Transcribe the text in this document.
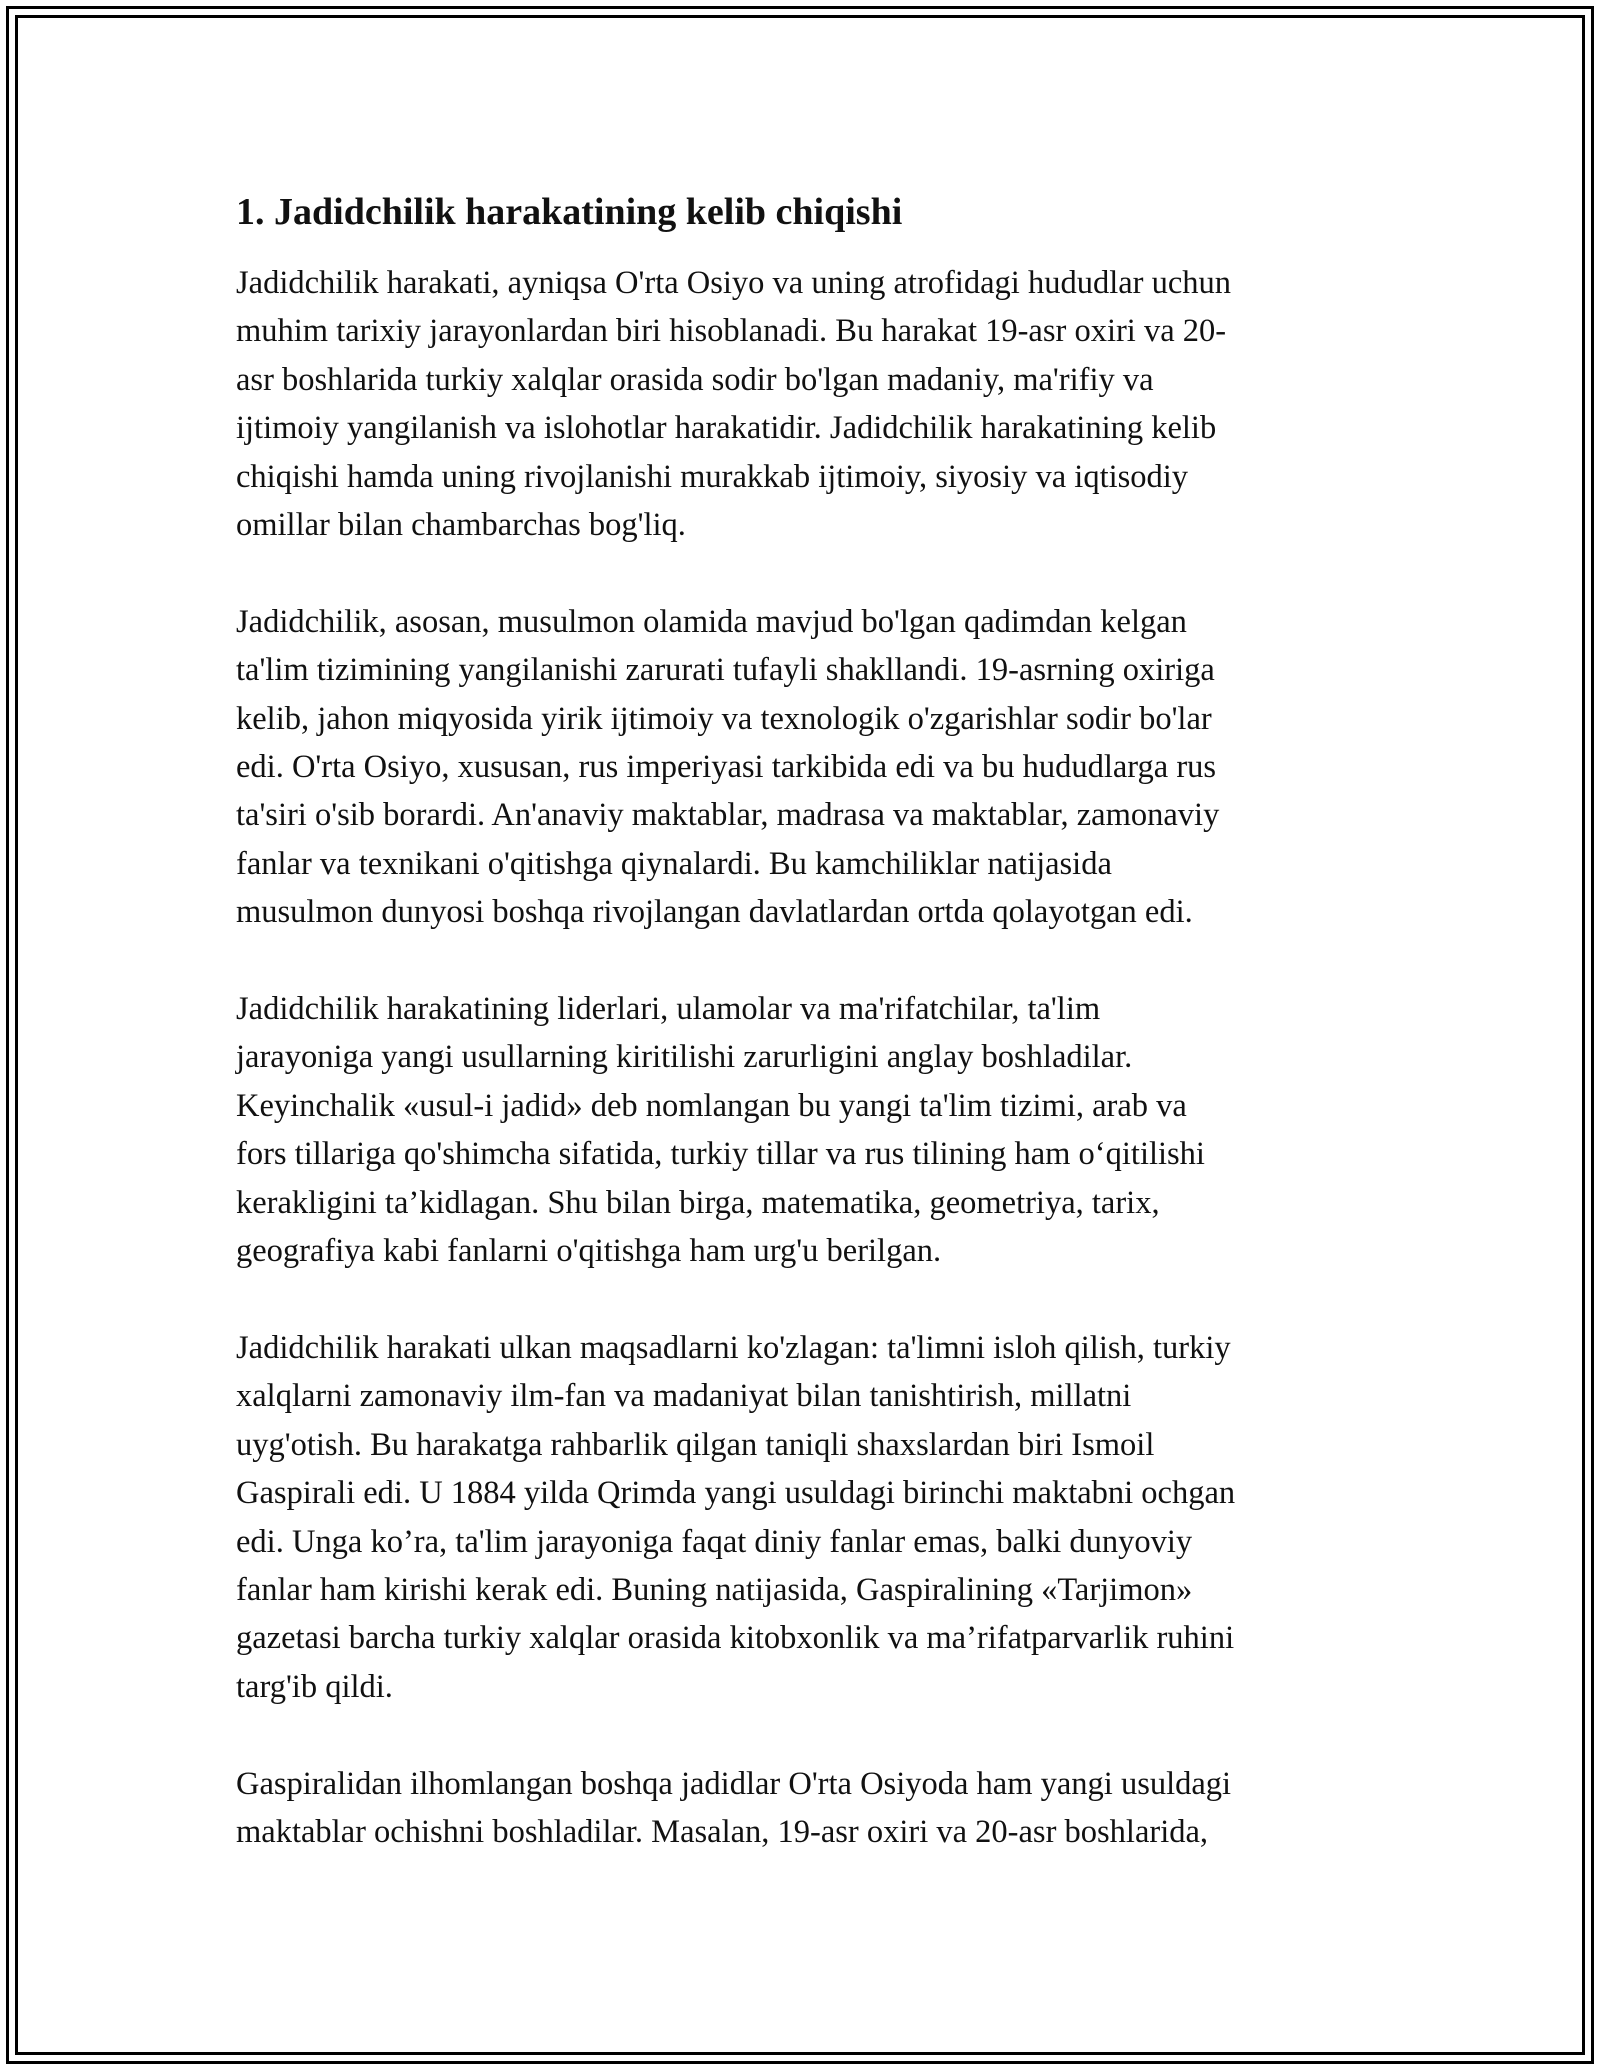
1. Jadidchilik harakatining kelib chiqishi

Jadidchilik harakati, ayniqsa O'rta Osiyo va uning atrofidagi hududlar uchun
muhim tarixiy jarayonlardan biri hisoblanadi. Bu harakat 19-asr oxiri va 20-
asr boshlarida turkiy xalqlar orasida sodir bo'lgan madaniy, ma'rifiy va
ijtimoiy yangilanish va islohotlar harakatidir. Jadidchilik harakatining kelib
chiqishi hamda uning rivojlanishi murakkab ijtimoiy, siyosiy va iqtisodiy
omillar bilan chambarchas bog'liq.

Jadidchilik, asosan, musulmon olamida mavjud bo'lgan qadimdan kelgan
ta'lim tizimining yangilanishi zarurati tufayli shakllandi. 19-asrning oxiriga
kelib, jahon miqyosida yirik ijtimoiy va texnologik o'zgarishlar sodir bo'lar
edi. O'rta Osiyo, xususan, rus imperiyasi tarkibida edi va bu hududlarga rus
ta'siri o'sib borardi. An'anaviy maktablar, madrasa va maktablar, zamonaviy
fanlar va texnikani o'qitishga qiynalardi. Bu kamchiliklar natijasida
musulmon dunyosi boshqa rivojlangan davlatlardan ortda qolayotgan edi.

Jadidchilik harakatining liderlari, ulamolar va ma'rifatchilar, ta'lim
jarayoniga yangi usullarning kiritilishi zarurligini anglay boshladilar.
Keyinchalik «usul-i jadid» deb nomlangan bu yangi ta'lim tizimi, arab va
fors tillariga qo'shimcha sifatida, turkiy tillar va rus tilining ham o‘qitilishi
kerakligini ta’kidlagan. Shu bilan birga, matematika, geometriya, tarix,
geografiya kabi fanlarni o'qitishga ham urg'u berilgan.

Jadidchilik harakati ulkan maqsadlarni ko'zlagan: ta'limni isloh qilish, turkiy
xalqlarni zamonaviy ilm-fan va madaniyat bilan tanishtirish, millatni
uyg'otish. Bu harakatga rahbarlik qilgan taniqli shaxslardan biri Ismoil
Gaspirali edi. U 1884 yilda Qrimda yangi usuldagi birinchi maktabni ochgan
edi. Unga ko’ra, ta'lim jarayoniga faqat diniy fanlar emas, balki dunyoviy
fanlar ham kirishi kerak edi. Buning natijasida, Gaspiralining «Tarjimon»
gazetasi barcha turkiy xalqlar orasida kitobxonlik va ma’rifatparvarlik ruhini
targ'ib qildi.

Gaspiralidan ilhomlangan boshqa jadidlar O'rta Osiyoda ham yangi usuldagi
maktablar ochishni boshladilar. Masalan, 19-asr oxiri va 20-asr boshlarida,
